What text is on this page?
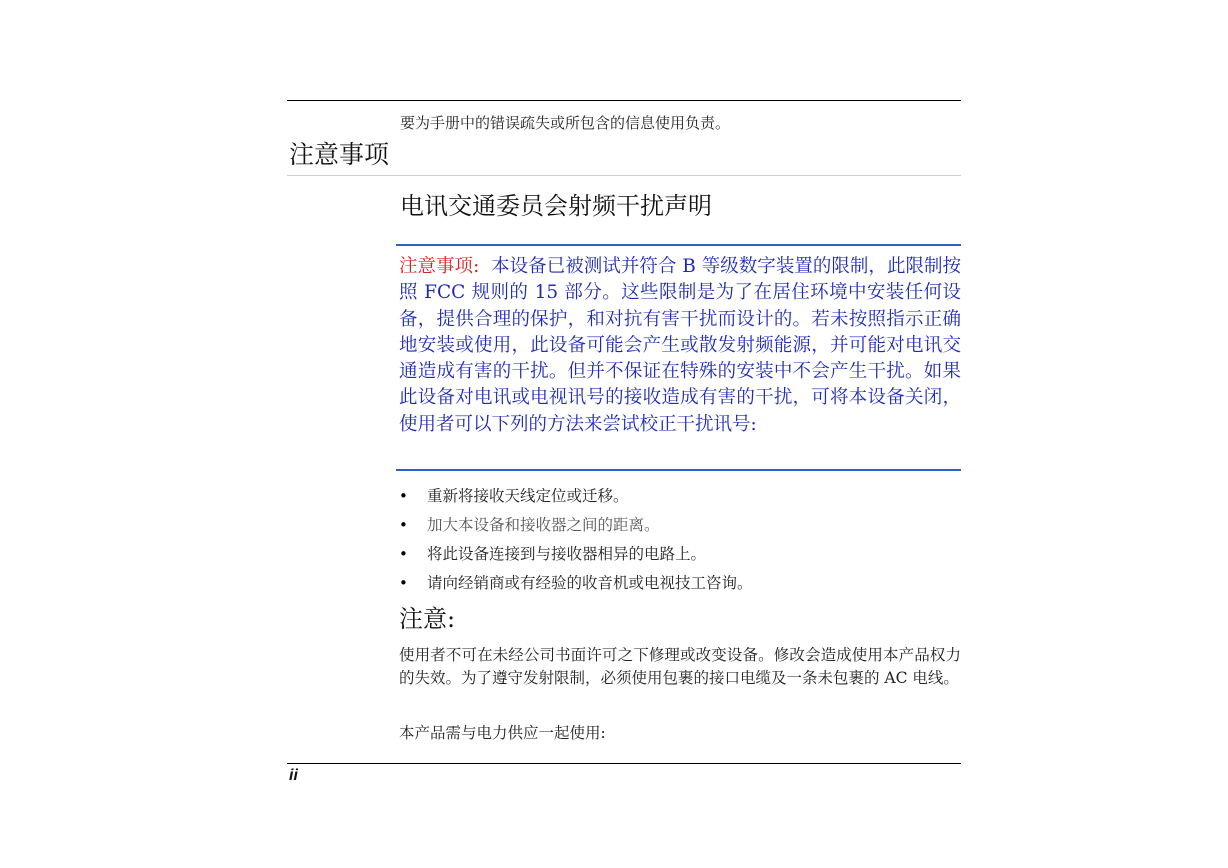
要为手册中的错误疏失或所包含的信息使用负责。
注意事项
电讯交通委员会射频干扰声明
注意事项: 本设备已被测试并符合 B 等级数字装置的限制，此限制按照 FCC 规则的 15 部分。这些限制是为了在居住环境中安装任何设备，提供合理的保护，和对抗有害干扰而设计的。若未按照指示正确地安装或使用，此设备可能会产生或散发射频能源，并可能对电讯交通造成有害的干扰。但并不保证在特殊的安装中不会产生干扰。如果此设备对电讯或电视讯号的接收造成有害的干扰，可将本设备关闭，使用者可以下列的方法来尝试校正干扰讯号:
• 重新将接收天线定位或迁移。
• 加大本设备和接收器之间的距离。
• 将此设备连接到与接收器相异的电路上。
• 请向经销商或有经验的收音机或电视技工咨询。
注意:

使用者不可在未经公司书面许可之下修理或改变设备。修改会造成使用本产品权力的失效。为了遵守发射限制，必须使用包裹的接口电缆及一条未包裹的 AC 电线。

本产品需与电力供应一起使用:
ii
